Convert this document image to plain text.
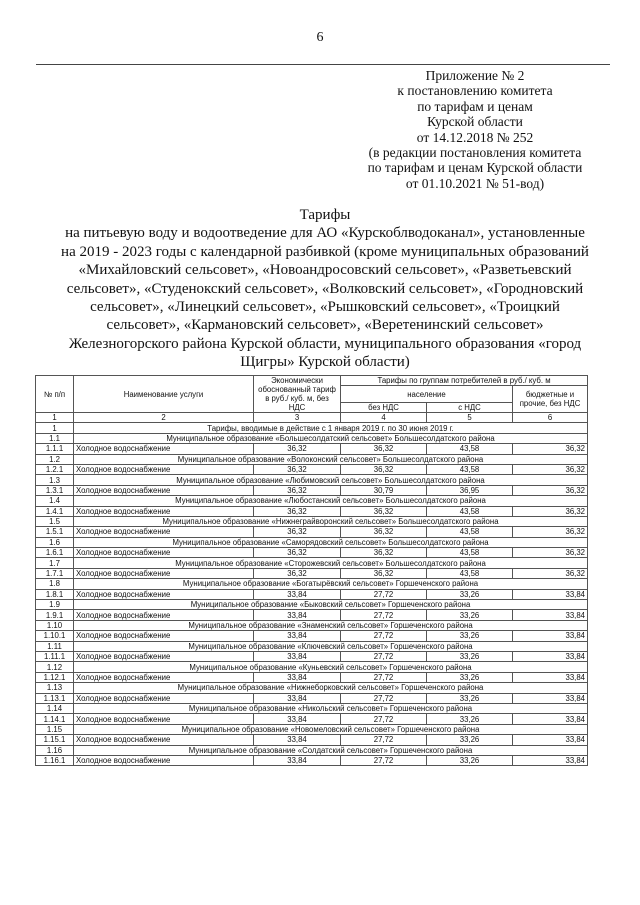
6
Приложение № 2
к постановлению комитета
по тарифам и ценам
Курской области
от 14.12.2018 № 252
(в редакции постановления комитета
по тарифам и ценам Курской области
от 01.10.2021 № 51-вод)
Тарифы
на питьевую воду и водоотведение для АО «Курскоблводоканал», установленные
на 2019 - 2023 годы с календарной разбивкой (кроме муниципальных образований
«Михайловский сельсовет», «Новоандросовский сельсовет», «Разветьевский
сельсовет», «Студенокский сельсовет», «Волковский сельсовет», «Городновский
сельсовет», «Линецкий сельсовет», «Рышковский сельсовет», «Троицкий
сельсовет», «Кармановский сельсовет», «Веретенинский сельсовет»
Железногорского района Курской области, муниципального образования «город
Щигры» Курской области)
№ п/п	Наименование услуги	Экономически обоснованный тариф в руб./ куб. м, без НДС	Тарифы по группам потребителей в руб./ куб. м		
			население		бюджетные и прочие, без НДС
			без НДС	с НДС	
1	2	3	4	5	6
1	Тарифы, вводимые в действие с 1 января 2019 г. по 30 июня 2019 г.				
1.1	Муниципальное образование «Большесолдатский сельсовет» Большесолдатского района				
1.1.1	Холодное водоснабжение	36,32	36,32	43,58	36,32
1.2	Муниципальное образование «Волоконский сельсовет» Большесолдатского района				
1.2.1	Холодное водоснабжение	36,32	36,32	43,58	36,32
1.3	Муниципальное образование «Любимовский сельсовет» Большесолдатского района				
1.3.1	Холодное водоснабжение	36,32	30,79	36,95	36,32
1.4	Муниципальное образование «Любостанский сельсовет» Большесолдатского района				
1.4.1	Холодное водоснабжение	36,32	36,32	43,58	36,32
1.5	Муниципальное образование «Нижнеграйворонский сельсовет» Большесолдатского района				
1.5.1	Холодное водоснабжение	36,32	36,32	43,58	36,32
1.6	Муниципальное образование «Саморядовский сельсовет» Большесолдатского района				
1.6.1	Холодное водоснабжение	36,32	36,32	43,58	36,32
1.7	Муниципальное образование «Сторожевский сельсовет» Большесолдатского района				
1.7.1	Холодное водоснабжение	36,32	36,32	43,58	36,32
1.8	Муниципальное образование «Богатырёвский сельсовет» Горшеченского района				
1.8.1	Холодное водоснабжение	33,84	27,72	33,26	33,84
1.9	Муниципальное образование «Быковский сельсовет» Горшеченского района				
1.9.1	Холодное водоснабжение	33,84	27,72	33,26	33,84
1.10	Муниципальное образование «Знаменский сельсовет» Горшеченского района				
1.10.1	Холодное водоснабжение	33,84	27,72	33,26	33,84
1.11	Муниципальное образование «Ключевский сельсовет» Горшеченского района				
1.11.1	Холодное водоснабжение	33,84	27,72	33,26	33,84
1.12	Муниципальное образование «Куньевский сельсовет» Горшеченского района				
1.12.1	Холодное водоснабжение	33,84	27,72	33,26	33,84
1.13	Муниципальное образование «Нижнеборковский сельсовет» Горшеченского района				
1.13.1	Холодное водоснабжение	33,84	27,72	33,26	33,84
1.14	Муниципальное образование «Никольский сельсовет» Горшеченского района				
1.14.1	Холодное водоснабжение	33,84	27,72	33,26	33,84
1.15	Муниципальное образование «Новомеловский сельсовет» Горшеченского района				
1.15.1	Холодное водоснабжение	33,84	27,72	33,26	33,84
1.16	Муниципальное образование «Солдатский сельсовет» Горшеченского района				
1.16.1	Холодное водоснабжение	33,84	27,72	33,26	33,84
